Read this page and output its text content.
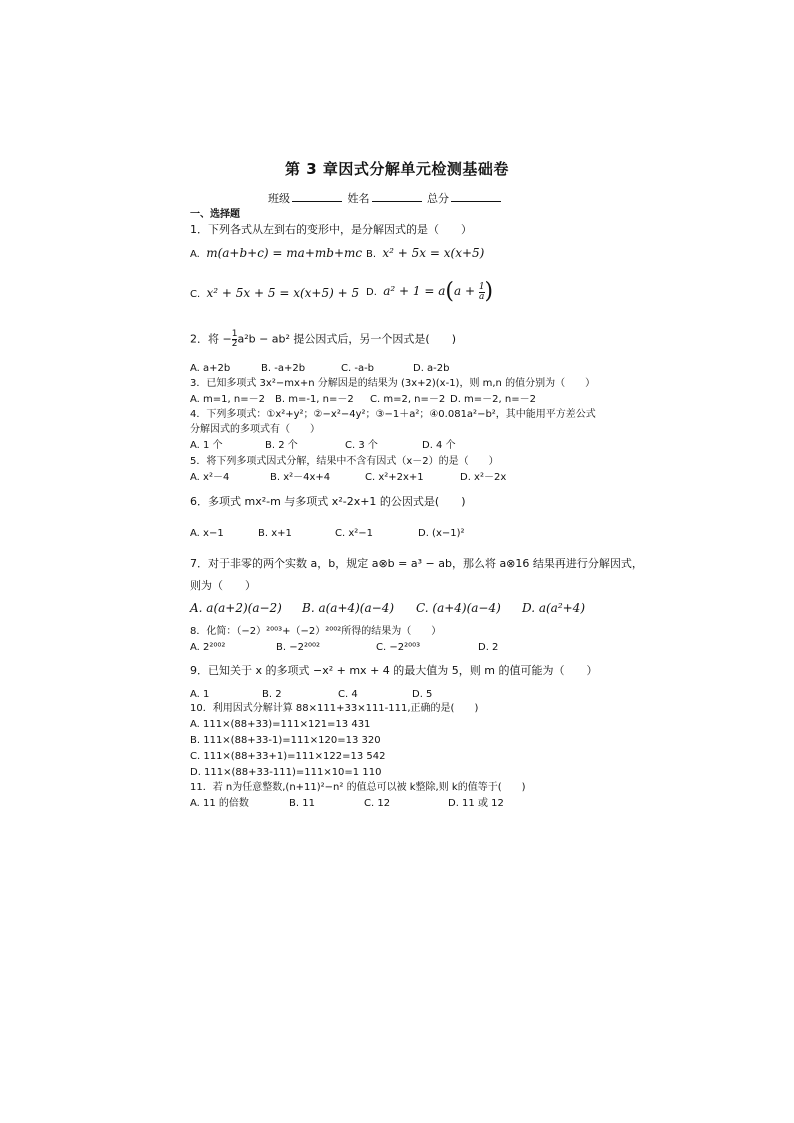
第 3 章因式分解单元检测基础卷
班级	姓名	总分
一、选择题
1．下列各式从左到右的变形中，是分解因式的是（　　）
A. m(a+b+c) = ma+mb+mc B. x² + 5x = x(x+5)
C. x² + 5x + 5 = x(x+5) + 5 D. $a^2 + 1 = a(a + \frac{1}{a}$ )
2．将 − $\frac{1}{2} a^2b - ab^2$ 提公因式后，另一个因式是(　　)
A. a+2b	B. -a+2b	C. -a-b	D. a-2b
3．已知多项式 3x²−mx+n 分解因是的结果为 (3x+2)(x-1)，则 m,n 的值分别为（　　）
A. m=1, n=－2 B. m=-1, n=－2 C. m=2, n=－2 D. m=－2, n=－2
4．下列多项式：①x²+y²；②−x²−4y²；③−1＋a²；④0.081a²−b²，其中能用平方差公式
分解因式的多项式有（　　）
A. 1 个	B. 2 个	C. 3 个	D. 4 个
5．将下列多项式因式分解，结果中不含有因式（x－2）的是（　　）
A. x²－4	B. x²－4x+4	C. x²+2x+1	D. x²－2x
6．多项式 mx²-m 与多项式 x²-2x+1 的公因式是(　　)
A. x−1	B. x+1	C. x²−1	D. (x−1)²
7．对于非零的两个实数 a，b，规定 a⊗b = a³ − ab，那么将 a⊗16 结果再进行分解因式，
则为（　　）
A. a(a+2)(a−2) B. a(a+4)(a−4) C. (a+4)(a−4) D. a(a²+4)
8．化简：（−2）²⁰⁰³+（−2）²⁰⁰²所得的结果为（　　）
A. 2²⁰⁰²	B. −2²⁰⁰²	C. −2²⁰⁰³	D. 2
9．已知关于 x 的多项式 −x² + mx + 4 的最大值为 5，则 m 的值可能为（　　）
A. 1	B. 2	C. 4	D. 5
10．利用因式分解计算 88×111+33×111-111,正确的是(　　)
A. 111×(88+33)=111×121=13 431
B. 111×(88+33-1)=111×120=13 320
C. 111×(88+33+1)=111×122=13 542
D. 111×(88+33-111)=111×10=1 110
11．若 n为任意整数,(n+11)²−n² 的值总可以被 k整除,则 k的值等于(　　)
A. 11 的倍数	B. 11	C. 12	D. 11 或 12
